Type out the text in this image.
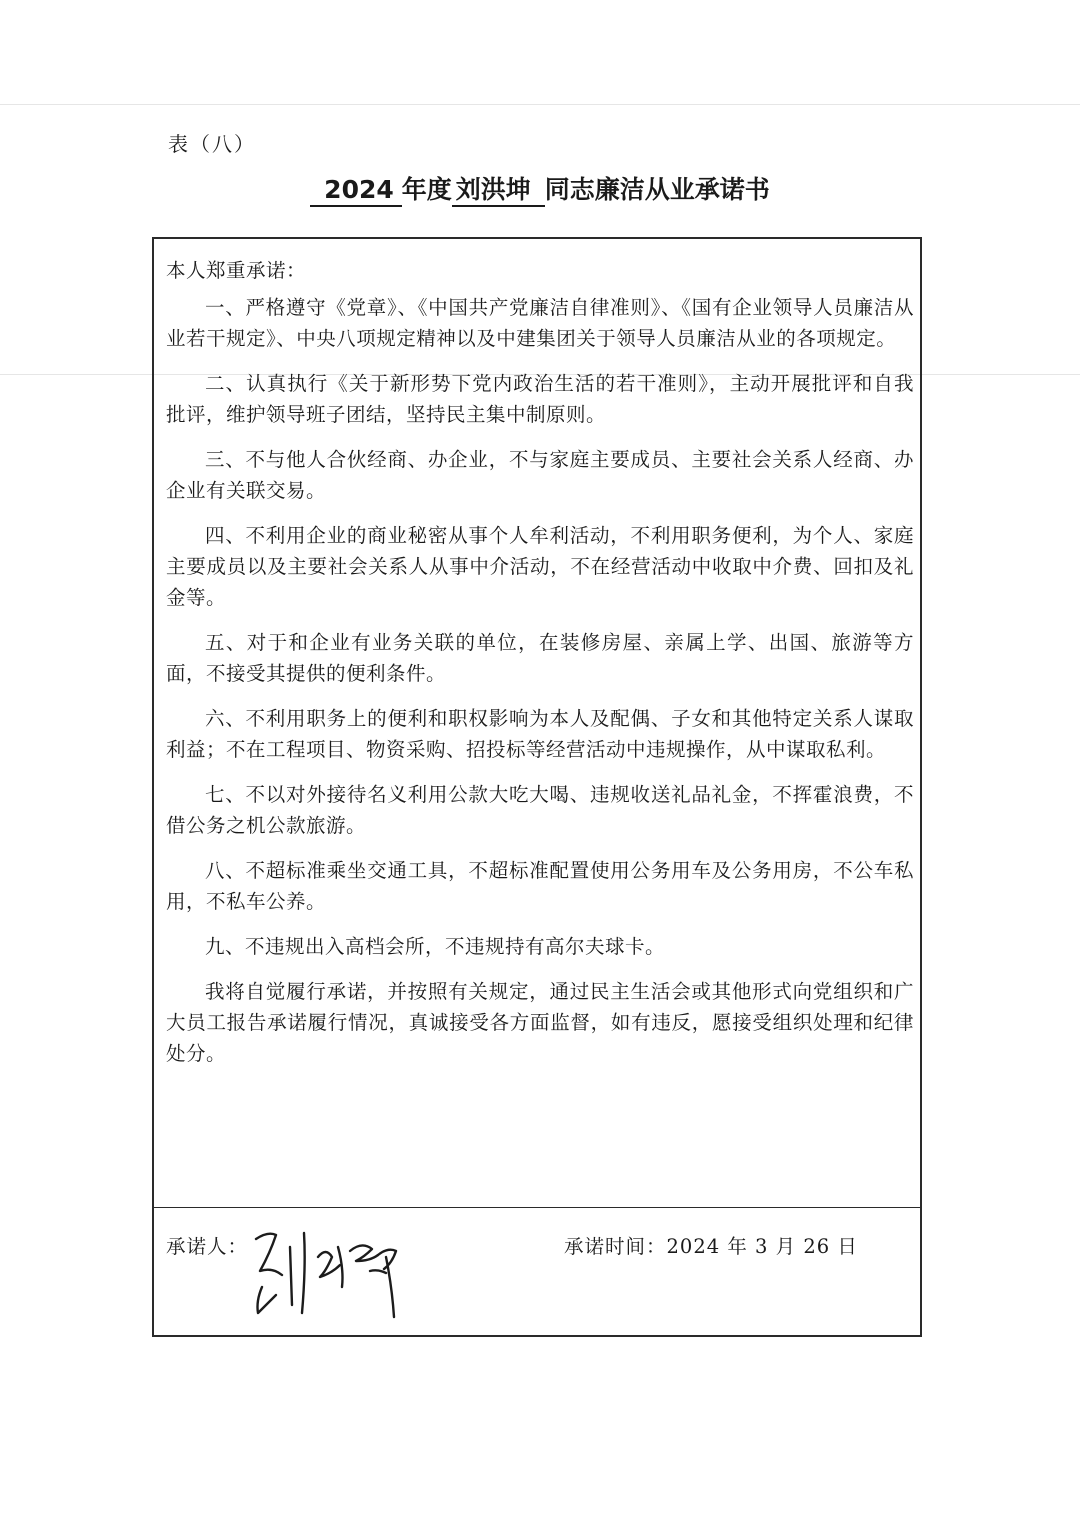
表（八）
2024 年度 刘洪坤 同志廉洁从业承诺书

本人郑重承诺：

一、严格遵守《党章》、《中国共产党廉洁自律准则》、《国有企业领导人员廉洁从业若干规定》、中央八项规定精神以及中建集团关于领导人员廉洁从业的各项规定。

二、认真执行《关于新形势下党内政治生活的若干准则》，主动开展批评和自我批评，维护领导班子团结，坚持民主集中制原则。

三、不与他人合伙经商、办企业，不与家庭主要成员、主要社会关系人经商、办企业有关联交易。

四、不利用企业的商业秘密从事个人牟利活动，不利用职务便利，为个人、家庭主要成员以及主要社会关系人从事中介活动，不在经营活动中收取中介费、回扣及礼金等。

五、对于和企业有业务关联的单位，在装修房屋、亲属上学、出国、旅游等方面，不接受其提供的便利条件。

六、不利用职务上的便利和职权影响为本人及配偶、子女和其他特定关系人谋取利益；不在工程项目、物资采购、招投标等经营活动中违规操作，从中谋取私利。

七、不以对外接待名义利用公款大吃大喝、违规收送礼品礼金，不挥霍浪费，不借公务之机公款旅游。

八、不超标准乘坐交通工具，不超标准配置使用公务用车及公务用房，不公车私用，不私车公养。

九、不违规出入高档会所，不违规持有高尔夫球卡。

我将自觉履行承诺，并按照有关规定，通过民主生活会或其他形式向党组织和广大员工报告承诺履行情况，真诚接受各方面监督，如有违反，愿接受组织处理和纪律处分。

承诺人：	承诺时间：2024 年 3 月 26 日
